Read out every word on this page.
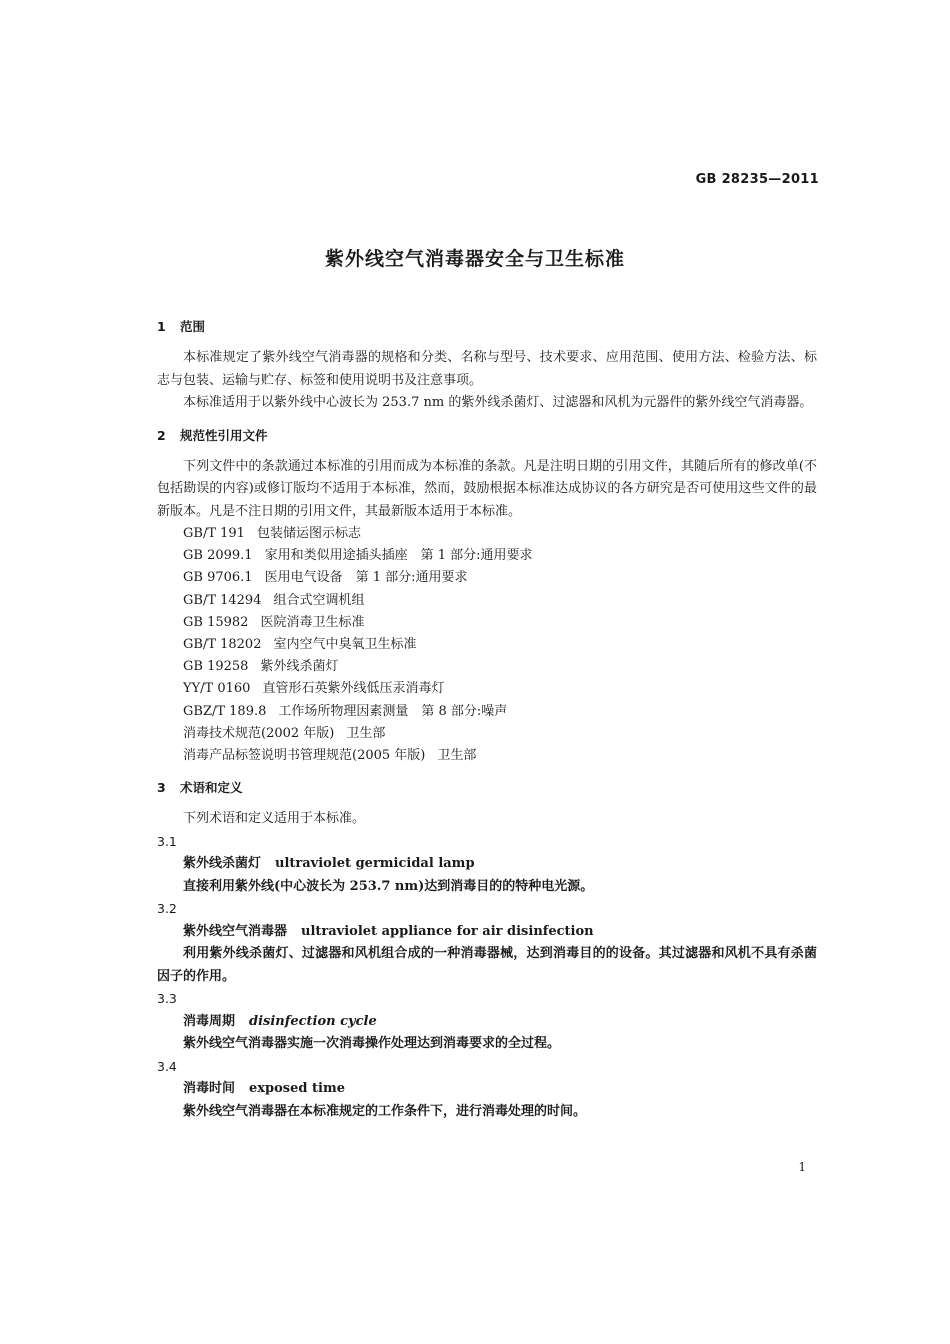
GB 28235—2011
紫外线空气消毒器安全与卫生标准
1 范围

本标准规定了紫外线空气消毒器的规格和分类、名称与型号、技术要求、应用范围、使用方法、检验方法、标志与包装、运输与贮存、标签和使用说明书及注意事项。

本标准适用于以紫外线中心波长为 253.7 nm 的紫外线杀菌灯、过滤器和风机为元器件的紫外线空气消毒器。

2 规范性引用文件

下列文件中的条款通过本标准的引用而成为本标准的条款。凡是注明日期的引用文件，其随后所有的修改单(不包括勘误的内容)或修订版均不适用于本标准，然而，鼓励根据本标准达成协议的各方研究是否可使用这些文件的最新版本。凡是不注日期的引用文件，其最新版本适用于本标准。

GB/T 191 包装储运图示标志

GB 2099.1 家用和类似用途插头插座　第 1 部分:通用要求

GB 9706.1 医用电气设备　第 1 部分:通用要求

GB/T 14294 组合式空调机组

GB 15982 医院消毒卫生标准

GB/T 18202 室内空气中臭氧卫生标准

GB 19258 紫外线杀菌灯

YY/T 0160 直管形石英紫外线低压汞消毒灯

GBZ/T 189.8 工作场所物理因素测量　第 8 部分:噪声

消毒技术规范(2002 年版) 卫生部

消毒产品标签说明书管理规范(2005 年版) 卫生部

3 术语和定义

下列术语和定义适用于本标准。

3.1

紫外线杀菌灯 ultraviolet germicidal lamp

直接利用紫外线(中心波长为 253.7 nm)达到消毒目的的特种电光源。

3.2

紫外线空气消毒器 ultraviolet appliance for air disinfection

利用紫外线杀菌灯、过滤器和风机组合成的一种消毒器械，达到消毒目的的设备。其过滤器和风机不具有杀菌因子的作用。

3.3

消毒周期 disinfection cycle

紫外线空气消毒器实施一次消毒操作处理达到消毒要求的全过程。

3.4

消毒时间 exposed time

紫外线空气消毒器在本标准规定的工作条件下，进行消毒处理的时间。

1
